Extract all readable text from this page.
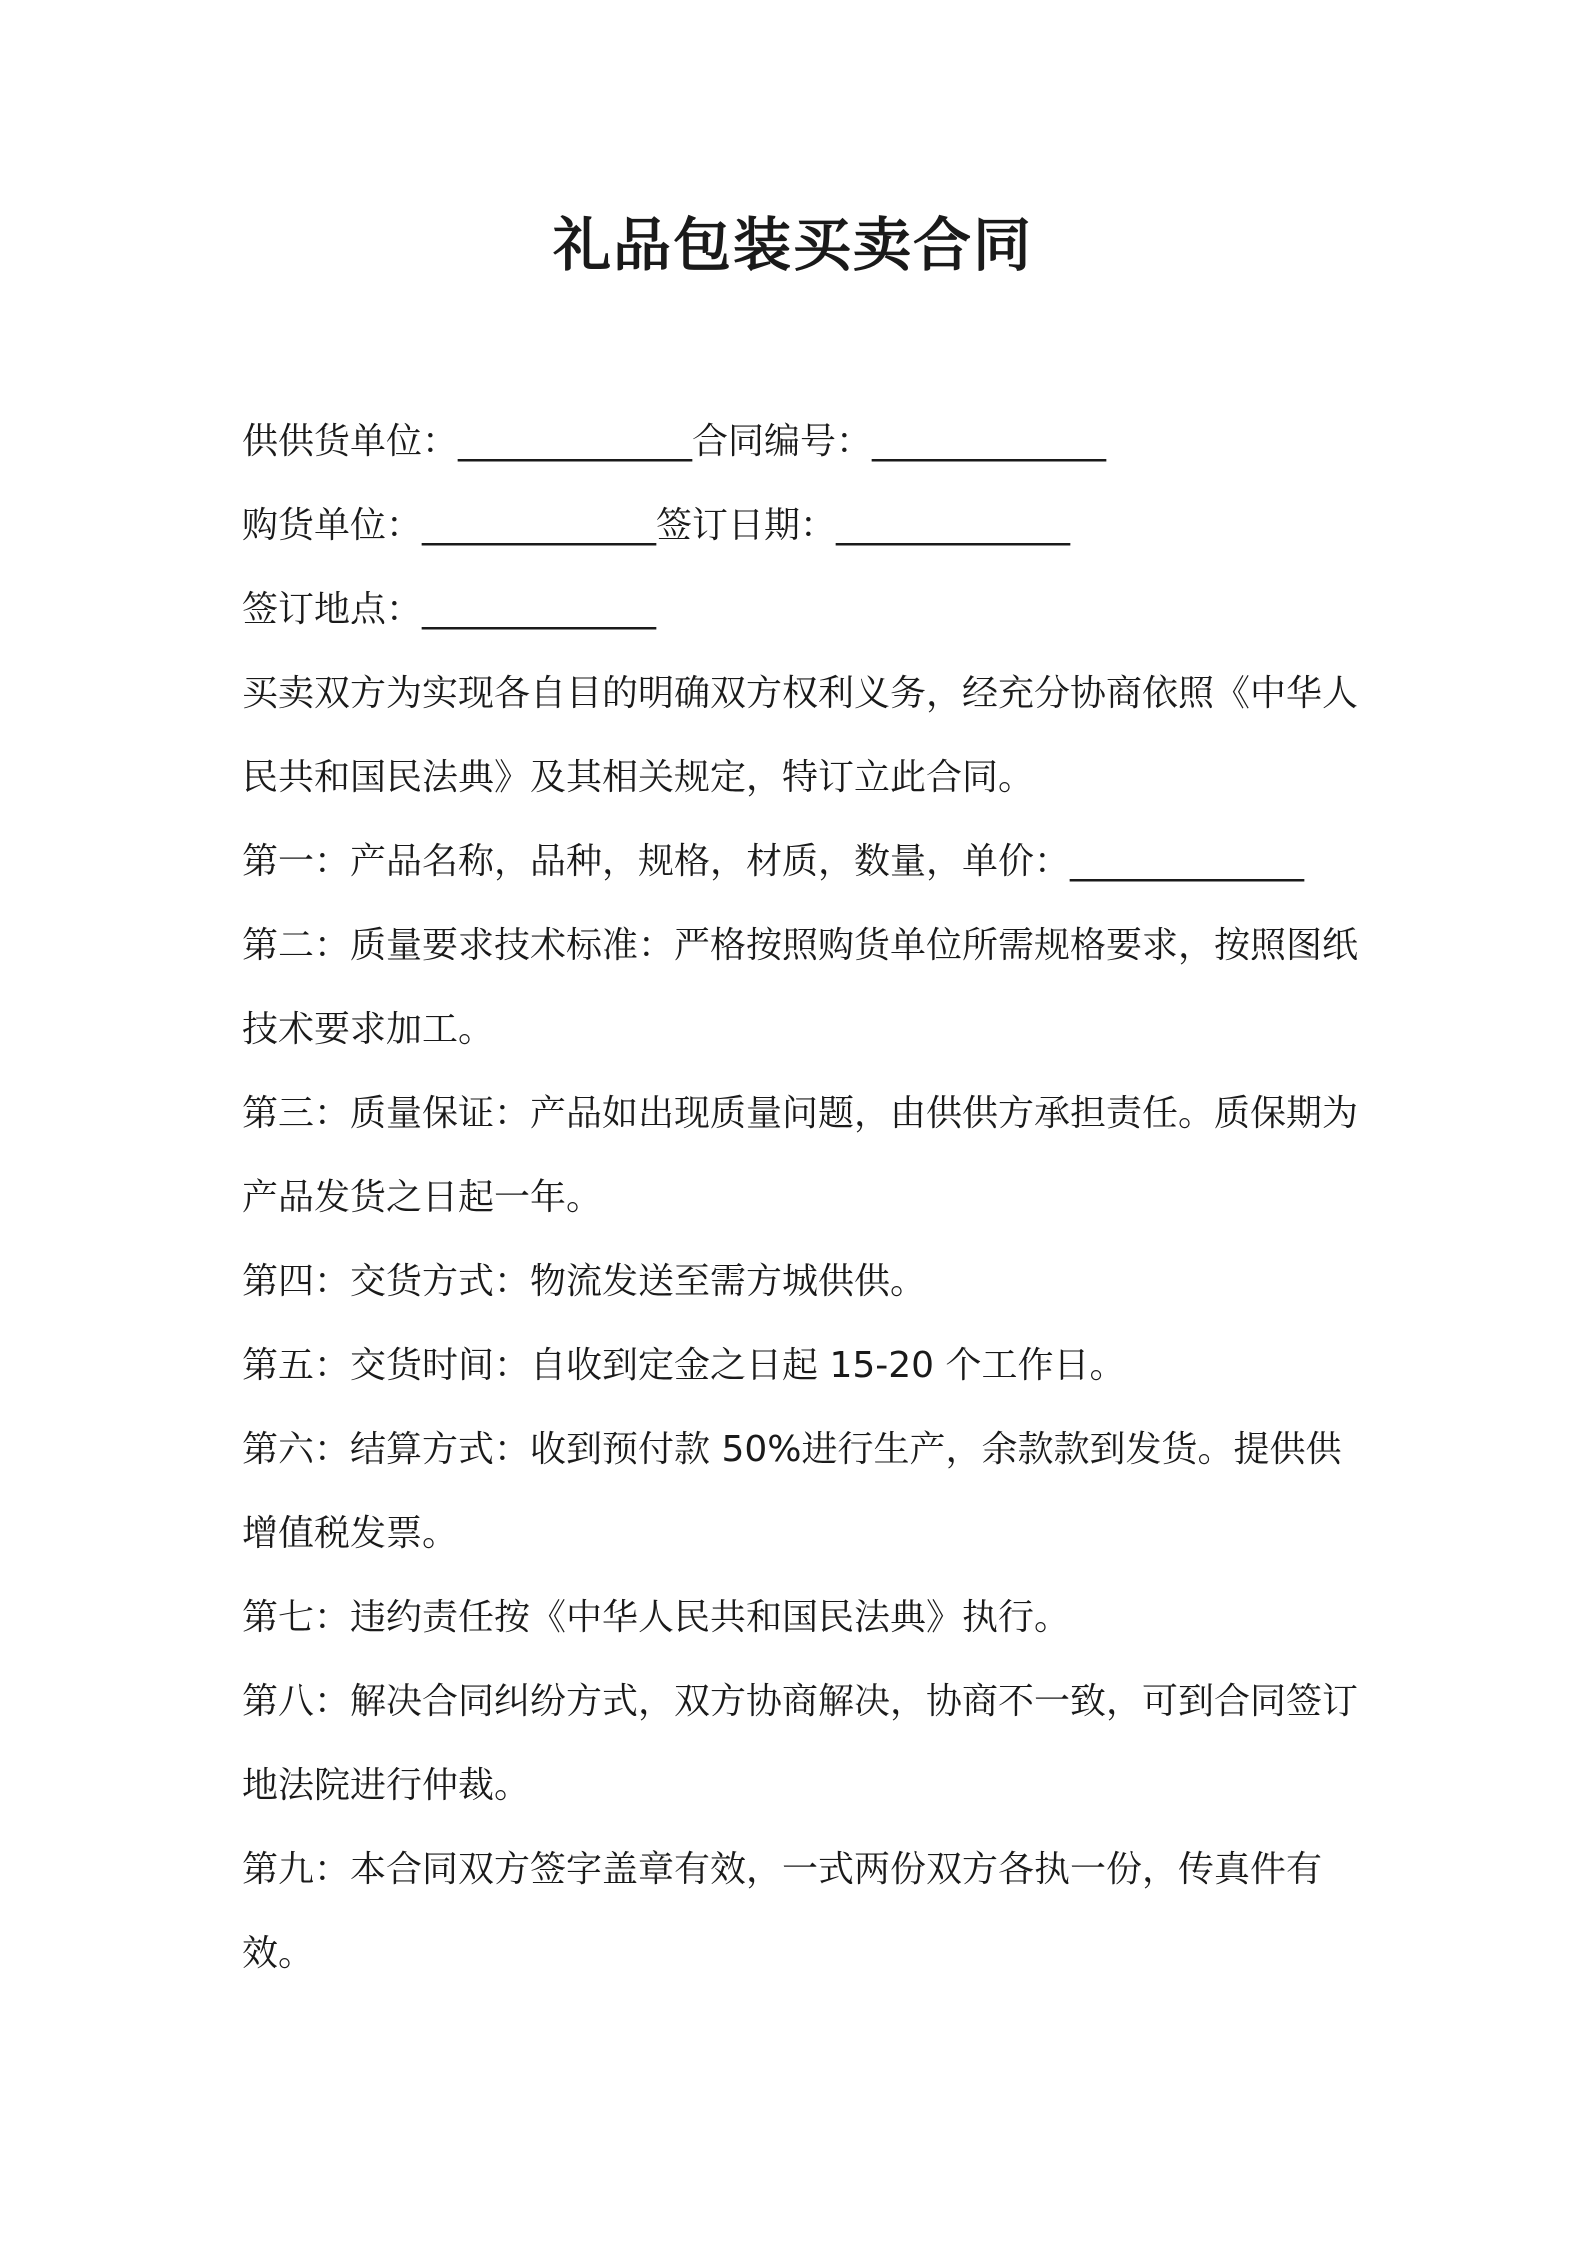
礼品包装买卖合同
供供货单位：_____________合同编号：_____________
购货单位：_____________签订日期：_____________
签订地点：_____________

买卖双方为实现各自目的明确双方权利义务，经充分协商依照《中华人民共和国民法典》及其相关规定，特订立此合同。

第一：产品名称，品种，规格，材质，数量，单价：_____________

第二：质量要求技术标准：严格按照购货单位所需规格要求，按照图纸技术要求加工。

第三：质量保证：产品如出现质量问题，由供供方承担责任。质保期为产品发货之日起一年。

第四：交货方式：物流发送至需方城供供。

第五：交货时间：自收到定金之日起 15-20 个工作日。

第六：结算方式：收到预付款 50%进行生产，余款款到发货。提供供增值税发票。

第七：违约责任按《中华人民共和国民法典》执行。

第八：解决合同纠纷方式，双方协商解决，协商不一致，可到合同签订地法院进行仲裁。

第九：本合同双方签字盖章有效，一式两份双方各执一份，传真件有效。
